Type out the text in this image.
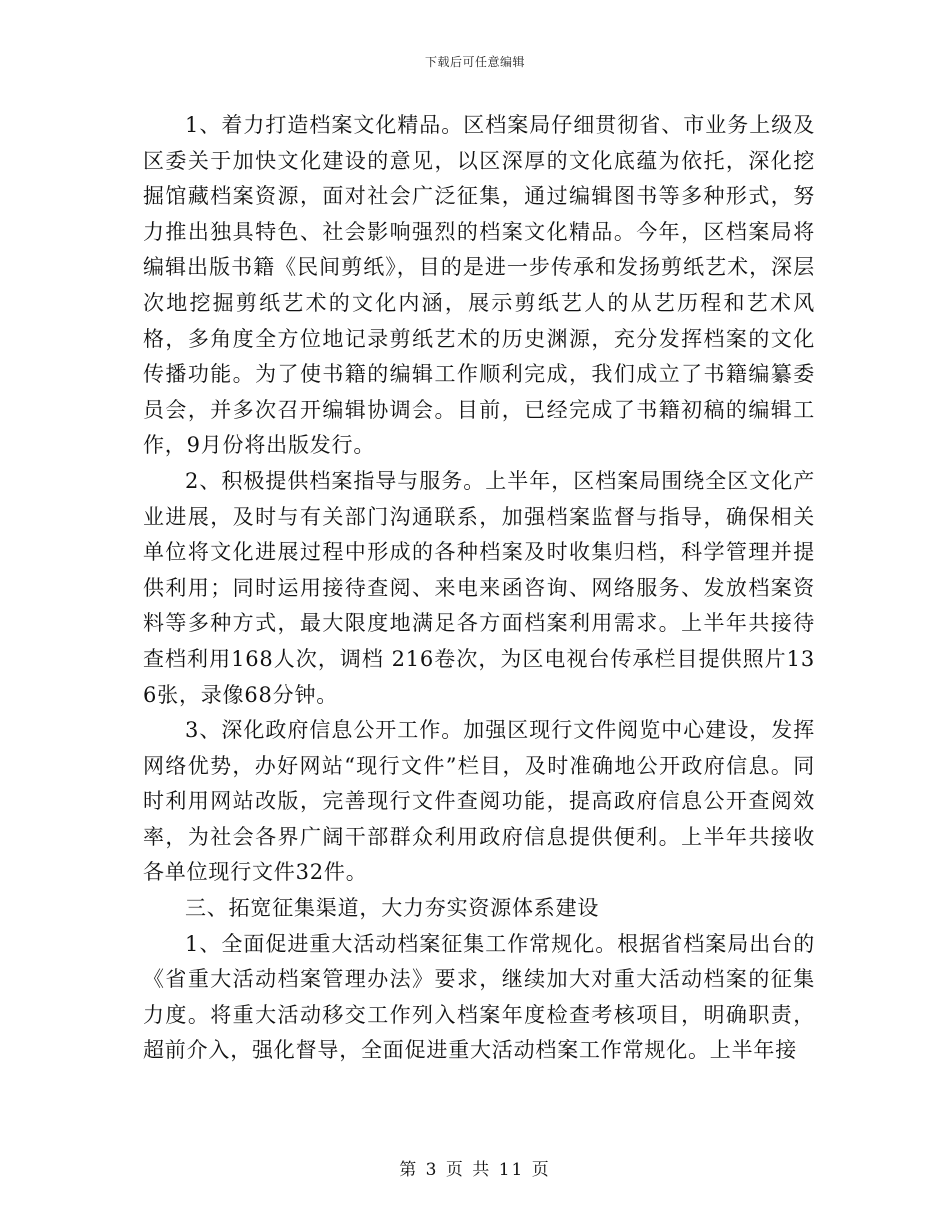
下载后可任意编辑

1、着力打造档案文化精品。区档案局仔细贯彻省、市业务上级及区委关于加快文化建设的意见，以区深厚的文化底蕴为依托，深化挖掘馆藏档案资源，面对社会广泛征集，通过编辑图书等多种形式，努力推出独具特色、社会影响强烈的档案文化精品。今年，区档案局将编辑出版书籍《民间剪纸》，目的是进一步传承和发扬剪纸艺术，深层次地挖掘剪纸艺术的文化内涵，展示剪纸艺人的从艺历程和艺术风格，多角度全方位地记录剪纸艺术的历史渊源，充分发挥档案的文化传播功能。为了使书籍的编辑工作顺利完成，我们成立了书籍编纂委员会，并多次召开编辑协调会。目前，已经完成了书籍初稿的编辑工作，9月份将出版发行。

2、积极提供档案指导与服务。上半年，区档案局围绕全区文化产业进展，及时与有关部门沟通联系，加强档案监督与指导，确保相关单位将文化进展过程中形成的各种档案及时收集归档，科学管理并提供利用；同时运用接待查阅、来电来函咨询、网络服务、发放档案资料等多种方式，最大限度地满足各方面档案利用需求。上半年共接待查档利用168人次，调档 216卷次，为区电视台传承栏目提供照片136张，录像68分钟。

3、深化政府信息公开工作。加强区现行文件阅览中心建设，发挥网络优势，办好网站“现行文件”栏目，及时准确地公开政府信息。同时利用网站改版，完善现行文件查阅功能，提高政府信息公开查阅效率，为社会各界广阔干部群众利用政府信息提供便利。上半年共接收各单位现行文件32件。

三、拓宽征集渠道，大力夯实资源体系建设

1、全面促进重大活动档案征集工作常规化。根据省档案局出台的《省重大活动档案管理办法》要求，继续加大对重大活动档案的征集力度。将重大活动移交工作列入档案年度检查考核项目，明确职责，超前介入，强化督导，全面促进重大活动档案工作常规化。上半年接

第 3 页 共 11 页
